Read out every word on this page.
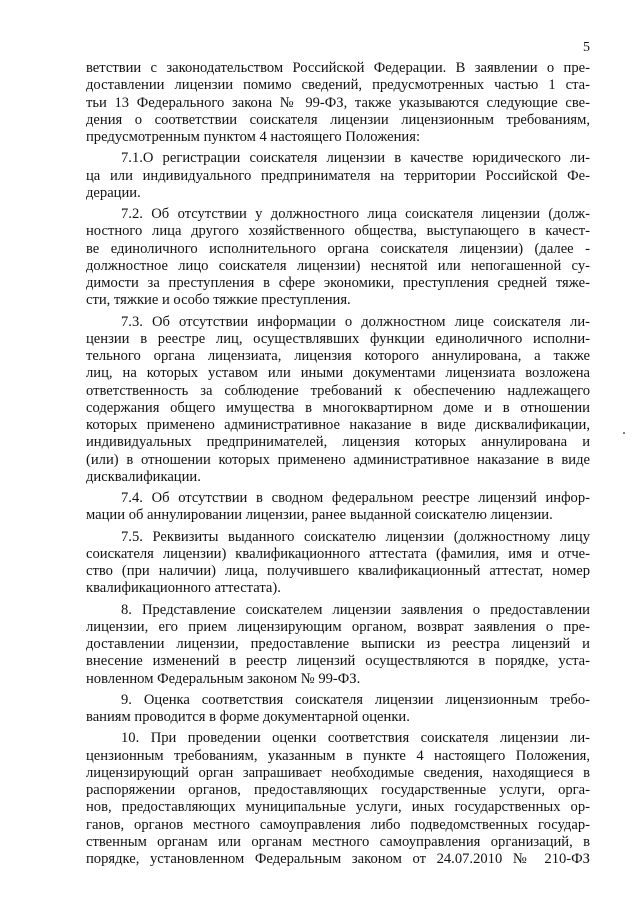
5
ветствии с законодательством Российской Федерации. В заявлении о пре-
доставлении лицензии помимо сведений, предусмотренных частью 1 ста-
тьи 13 Федерального закона № 99-ФЗ, также указываются следующие све-
дения о соответствии соискателя лицензии лицензионным требованиям,
предусмотренным пунктом 4 настоящего Положения:
7.1.О регистрации соискателя лицензии в качестве юридического ли-
ца или индивидуального предпринимателя на территории Российской Фе-
дерации.
7.2. Об отсутствии у должностного лица соискателя лицензии (долж-
ностного лица другого хозяйственного общества, выступающего в качест-
ве единоличного исполнительного органа соискателя лицензии) (далее -
должностное лицо соискателя лицензии) неснятой или непогашенной су-
димости за преступления в сфере экономики, преступления средней тяже-
сти, тяжкие и особо тяжкие преступления.
7.3. Об отсутствии информации о должностном лице соискателя ли-
цензии в реестре лиц, осуществлявших функции единоличного исполни-
тельного органа лицензиата, лицензия которого аннулирована, а также
лиц, на которых уставом или иными документами лицензиата возложена
ответственность за соблюдение требований к обеспечению надлежащего
содержания общего имущества в многоквартирном доме и в отношении
которых применено административное наказание в виде дисквалификации,
индивидуальных предпринимателей, лицензия которых аннулирована и
(или) в отношении которых применено административное наказание в виде
дисквалификации.
7.4. Об отсутствии в сводном федеральном реестре лицензий инфор-
мации об аннулировании лицензии, ранее выданной соискателю лицензии.
7.5. Реквизиты выданного соискателю лицензии (должностному лицу
соискателя лицензии) квалификационного аттестата (фамилия, имя и отче-
ство (при наличии) лица, получившего квалификационный аттестат, номер
квалификационного аттестата).
8. Представление соискателем лицензии заявления о предоставлении
лицензии, его прием лицензирующим органом, возврат заявления о пре-
доставлении лицензии, предоставление выписки из реестра лицензий и
внесение изменений в реестр лицензий осуществляются в порядке, уста-
новленном Федеральным законом № 99-ФЗ.
9. Оценка соответствия соискателя лицензии лицензионным требо-
ваниям проводится в форме документарной оценки.
10. При проведении оценки соответствия соискателя лицензии ли-
цензионным требованиям, указанным в пункте 4 настоящего Положения,
лицензирующий орган запрашивает необходимые сведения, находящиеся в
распоряжении органов, предоставляющих государственные услуги, орга-
нов, предоставляющих муниципальные услуги, иных государственных ор-
ганов, органов местного самоуправления либо подведомственных государ-
ственным органам или органам местного самоуправления организаций, в
порядке, установленном Федеральным законом от 24.07.2010 № 210-ФЗ
